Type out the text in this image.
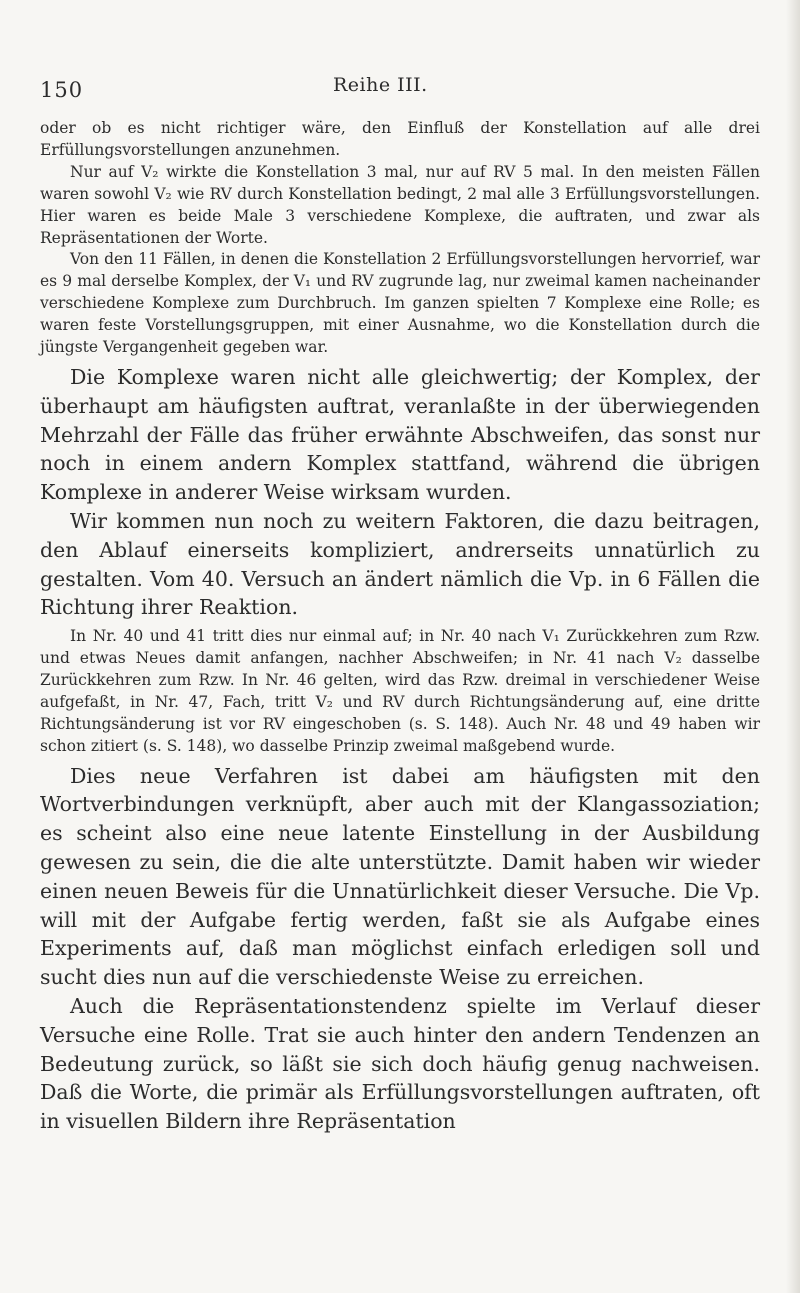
150	Reihe III.

oder ob es nicht richtiger wäre, den Einfluß der Konstellation auf alle drei Erfüllungsvorstellungen anzunehmen.

Nur auf V₂ wirkte die Konstellation 3 mal, nur auf RV 5 mal. In den meisten Fällen waren sowohl V₂ wie RV durch Konstellation bedingt, 2 mal alle 3 Erfüllungsvorstellungen. Hier waren es beide Male 3 verschiedene Komplexe, die auftraten, und zwar als Repräsentationen der Worte.

Von den 11 Fällen, in denen die Konstellation 2 Erfüllungsvorstellungen hervorrief, war es 9 mal derselbe Komplex, der V₁ und RV zugrunde lag, nur zweimal kamen nacheinander verschiedene Komplexe zum Durchbruch. Im ganzen spielten 7 Komplexe eine Rolle; es waren feste Vorstellungsgruppen, mit einer Ausnahme, wo die Konstellation durch die jüngste Vergangenheit gegeben war.

Die Komplexe waren nicht alle gleichwertig; der Komplex, der überhaupt am häufigsten auftrat, veranlaßte in der überwiegenden Mehrzahl der Fälle das früher erwähnte Abschweifen, das sonst nur noch in einem andern Komplex stattfand, während die übrigen Komplexe in anderer Weise wirksam wurden.

Wir kommen nun noch zu weitern Faktoren, die dazu beitragen, den Ablauf einerseits kompliziert, andrerseits unnatürlich zu gestalten. Vom 40. Versuch an ändert nämlich die Vp. in 6 Fällen die Richtung ihrer Reaktion.

In Nr. 40 und 41 tritt dies nur einmal auf; in Nr. 40 nach V₁ Zurückkehren zum Rzw. und etwas Neues damit anfangen, nachher Abschweifen; in Nr. 41 nach V₂ dasselbe Zurückkehren zum Rzw. In Nr. 46 gelten, wird das Rzw. dreimal in verschiedener Weise aufgefaßt, in Nr. 47, Fach, tritt V₂ und RV durch Richtungsänderung auf, eine dritte Richtungsänderung ist vor RV eingeschoben (s. S. 148). Auch Nr. 48 und 49 haben wir schon zitiert (s. S. 148), wo dasselbe Prinzip zweimal maßgebend wurde.

Dies neue Verfahren ist dabei am häufigsten mit den Wortverbindungen verknüpft, aber auch mit der Klangassoziation; es scheint also eine neue latente Einstellung in der Ausbildung gewesen zu sein, die die alte unterstützte. Damit haben wir wieder einen neuen Beweis für die Unnatürlichkeit dieser Versuche. Die Vp. will mit der Aufgabe fertig werden, faßt sie als Aufgabe eines Experiments auf, daß man möglichst einfach erledigen soll und sucht dies nun auf die verschiedenste Weise zu erreichen.

Auch die Repräsentationstendenz spielte im Verlauf dieser Versuche eine Rolle. Trat sie auch hinter den andern Tendenzen an Bedeutung zurück, so läßt sie sich doch häufig genug nachweisen. Daß die Worte, die primär als Erfüllungsvorstellungen auftraten, oft in visuellen Bildern ihre Repräsentation
